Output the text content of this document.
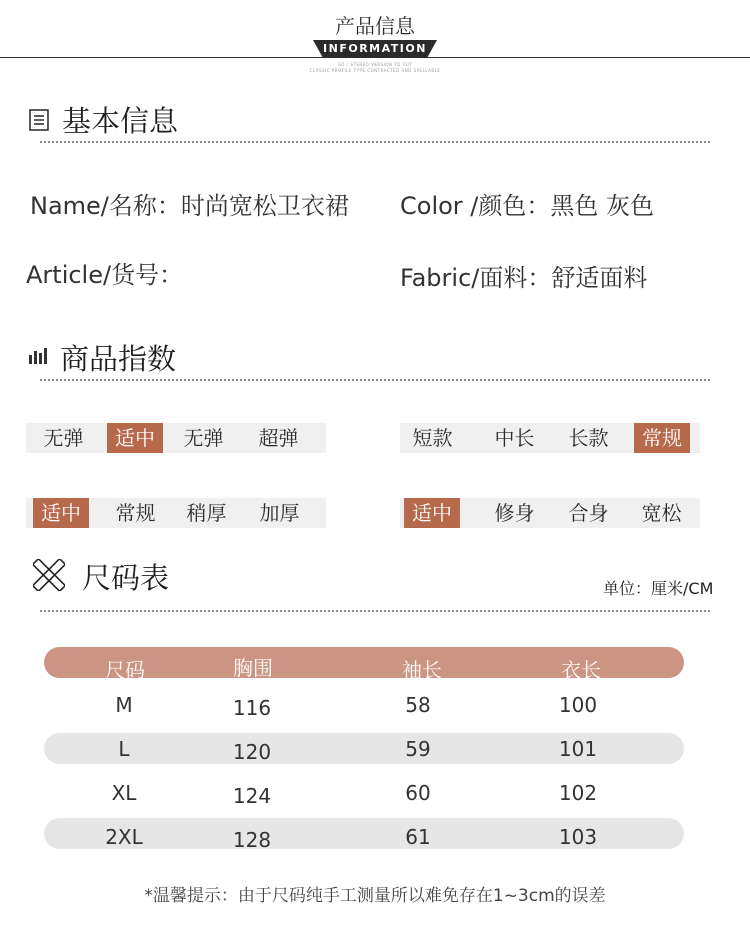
产品信息
INFORMATION
GO / STEREO VERSION TO CUT
CLASSIC PROFILE TYPE CONTRACTED AND SPELLABLE
基本信息
Name/名称：时尚宽松卫衣裙 Color /颜色：黑色 灰色
Article/货号：	Fabric/面料：舒适面料
商品指数
无弹	适中	无弹	超弹	短款	中长	长款	常规
适中	常规	稍厚	加厚	适中	修身	合身	宽松
尺码表	单位：厘米/CM
尺码	胸围	袖长	衣长
M	116	58	100
L	120	59	101
XL	124	60	102
2XL	128	61	103
*温馨提示：由于尺码纯手工测量所以难免存在1~3cm的误差
